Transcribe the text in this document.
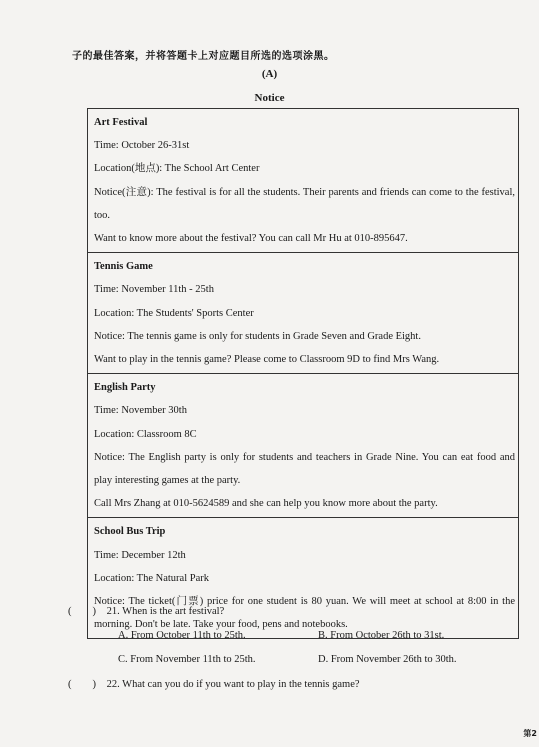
子的最佳答案，并将答题卡上对应题目所选的选项涂黑。
(A)
Notice
Art Festival
Time: October 26-31st
Location(地点): The School Art Center
Notice(注意): The festival is for all the students. Their parents and friends can come to the festival, too.
Want to know more about the festival? You can call Mr Hu at 010-895647.
Tennis Game
Time: November 11th - 25th
Location: The Students' Sports Center
Notice: The tennis game is only for students in Grade Seven and Grade Eight.
Want to play in the tennis game? Please come to Classroom 9D to find Mrs Wang.
English Party
Time: November 30th
Location: Classroom 8C
Notice: The English party is only for students and teachers in Grade Nine. You can eat food and play interesting games at the party.
Call Mrs Zhang at 010-5624589 and she can help you know more about the party.
School Bus Trip
Time: December 12th
Location: The Natural Park
Notice: The ticket(门票) price for one student is 80 yuan. We will meet at school at 8:00 in the morning. Don't be late. Take your food, pens and notebooks.
(        ) 21. When is the art festival?
A. From October 11th to 25th.	B. From October 26th to 31st.
C. From November 11th to 25th.	D. From November 26th to 30th.
(        ) 22. What can you do if you want to play in the tennis game?
第2
